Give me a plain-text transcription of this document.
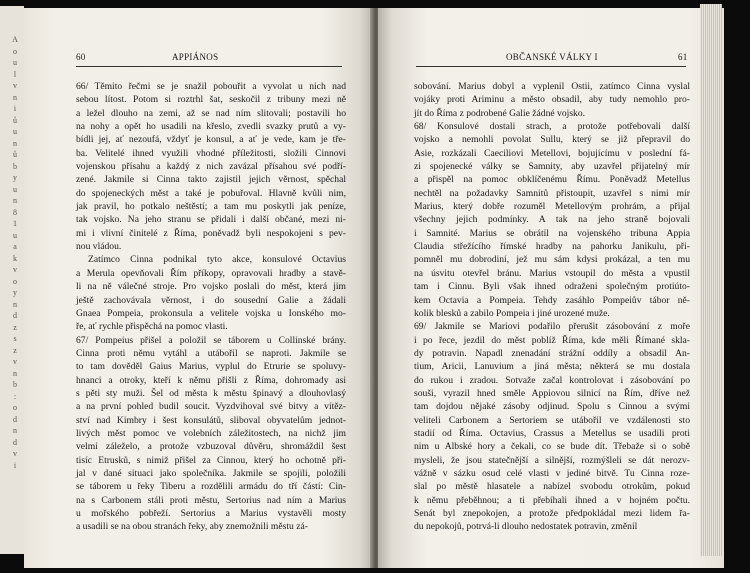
A
o
u
l
v
n
i
ů
u
n
ů
b
y
u
n
8
1
u
a
k
v
o
y
n
d
z
s
z
v
n
b
:
o
d
n
d
v
i
60	APPIÁNOS
66/ Těmito řečmi se je snažil pobouřit a vyvolat u nich nad
sebou lítost. Potom si roztrhl šat, seskočil z tribuny mezi ně
a ležel dlouho na zemi, až se nad ním slitovali; postavili ho
na nohy a opět ho usadili na křeslo, zvedli svazky prutů a vy-
bídli jej, ať nezoufá, vždyť je konsul, a ať je vede, kam je tře-
ba. Velitelé ihned využili vhodné příležitosti, složili Cinnovi
vojenskou přísahu a každý z nich zavázal přísahou své podří-
zené. Jakmile si Cinna takto zajistil jejich věrnost, spěchal
do spojeneckých měst a také je pobuřoval. Hlavně kvůli nim,
jak pravil, ho potkalo neštěstí; a tam mu poskytli jak peníze,
tak vojsko. Na jeho stranu se přidali i další občané, mezi ni-
mi i vlivní činitelé z Říma, poněvadž byli nespokojeni s pev-
nou vládou.
Zatímco Cinna podnikal tyto akce, konsulové Octavius
a Merula opevňovali Řím příkopy, opravovali hradby a stavě-
li na ně válečné stroje. Pro vojsko poslali do měst, která jim
ještě zachovávala věrnost, i do sousední Galie a žádali
Gnaea Pompeia, prokonsula a velitele vojska u Ionského mo-
ře, ať rychle přispěchá na pomoc vlasti.
67/ Pompeius přišel a položil se táborem u Collinské brány.
Cinna proti němu vytáhl a utábořil se naproti. Jakmile se
to tam dověděl Gaius Marius, vyplul do Etrurie se spoluvy-
hnanci a otroky, kteří k němu přišli z Říma, dohromady asi
s pěti sty muži. Šel od města k městu špinavý a dlouhovlasý
a na první pohled budil soucit. Vyzdvihoval své bitvy a vítěz-
ství nad Kimbry i šest konsulátů, sliboval obyvatelům jednot-
livých měst pomoc ve volebních záležitostech, na nichž jim
velmi záleželo, a protože vzbuzoval důvěru, shromáždil šest
tisíc Etrusků, s nimiž přišel za Cinnou, který ho ochotně při-
jal v dané situaci jako společníka. Jakmile se spojili, položili
se táborem u řeky Tiberu a rozdělili armádu do tří částí: Cin-
na s Carbonem stáli proti městu, Sertorius nad ním a Marius
u mořského pobřeží. Sertorius a Marius vystavěli mosty
a usadili se na obou stranách řeky, aby znemožnili městu zá-
OBČANSKÉ VÁLKY I	61
sobování. Marius dobyl a vyplenil Ostii, zatímco Cinna vyslal
vojáky proti Ariminu a město obsadil, aby tudy nemohlo pro-
jít do Říma z podrobené Galie žádné vojsko.
68/ Konsulové dostali strach, a protože potřebovali další
vojsko a nemohli povolat Sullu, který se již přepravil do
Asie, rozkázali Caeciliovi Metellovi, bojujícímu v poslední fá-
zi spojenecké války se Samnity, aby uzavřel přijatelný mír
a přispěl na pomoc obklíčenému Římu. Poněvadž Metellus
nechtěl na požadavky Samnitů přistoupit, uzavřel s nimi mír
Marius, který dobře rozuměl Metellovým prohrám, a přijal
všechny jejich podmínky. A tak na jeho straně bojovali
i Samnité. Marius se obrátil na vojenského tribuna Appia
Claudia střežícího římské hradby na pahorku Janikulu, při-
pomněl mu dobrodiní, jež mu sám kdysi prokázal, a ten mu
na úsvitu otevřel bránu. Marius vstoupil do města a vpustil
tam i Cinnu. Byli však ihned odraženi společným protiúto-
kem Octavia a Pompeia. Tehdy zasáhlo Pompeiův tábor ně-
kolik blesků a zabilo Pompeia i jiné urozené muže.
69/ Jakmile se Mariovi podařilo přerušit zásobování z moře
i po řece, jezdil do měst poblíž Říma, kde měli Římané skla-
dy potravin. Napadl znenadání strážní oddíly a obsadil An-
tium, Aricii, Lanuvium a jiná města; některá se mu dostala
do rukou i zradou. Sotvaže začal kontrolovat i zásobování po
souši, vyrazil hned směle Appiovou silnicí na Řím, dříve než
tam dojdou nějaké zásoby odjinud. Spolu s Cinnou a svými
veliteli Carbonem a Sertoriem se utábořil ve vzdálenosti sto
stadií od Říma. Octavius, Crassus a Metellus se usadili proti
nim u Albské hory a čekali, co se bude dít. Třebaže si o sobě
mysleli, že jsou statečnější a silnější, rozmýšleli se dát nerozv-
vážně v sázku osud celé vlasti v jediné bitvě. Tu Cinna roze-
slal po městě hlasatele a nabízel svobodu otrokům, pokud
k němu přeběhnou; a ti přebíhali ihned a v hojném počtu.
Senát byl znepokojen, a protože předpokládal mezi lidem řa-
du nepokojů, potrvá-li dlouho nedostatek potravin, změnil
